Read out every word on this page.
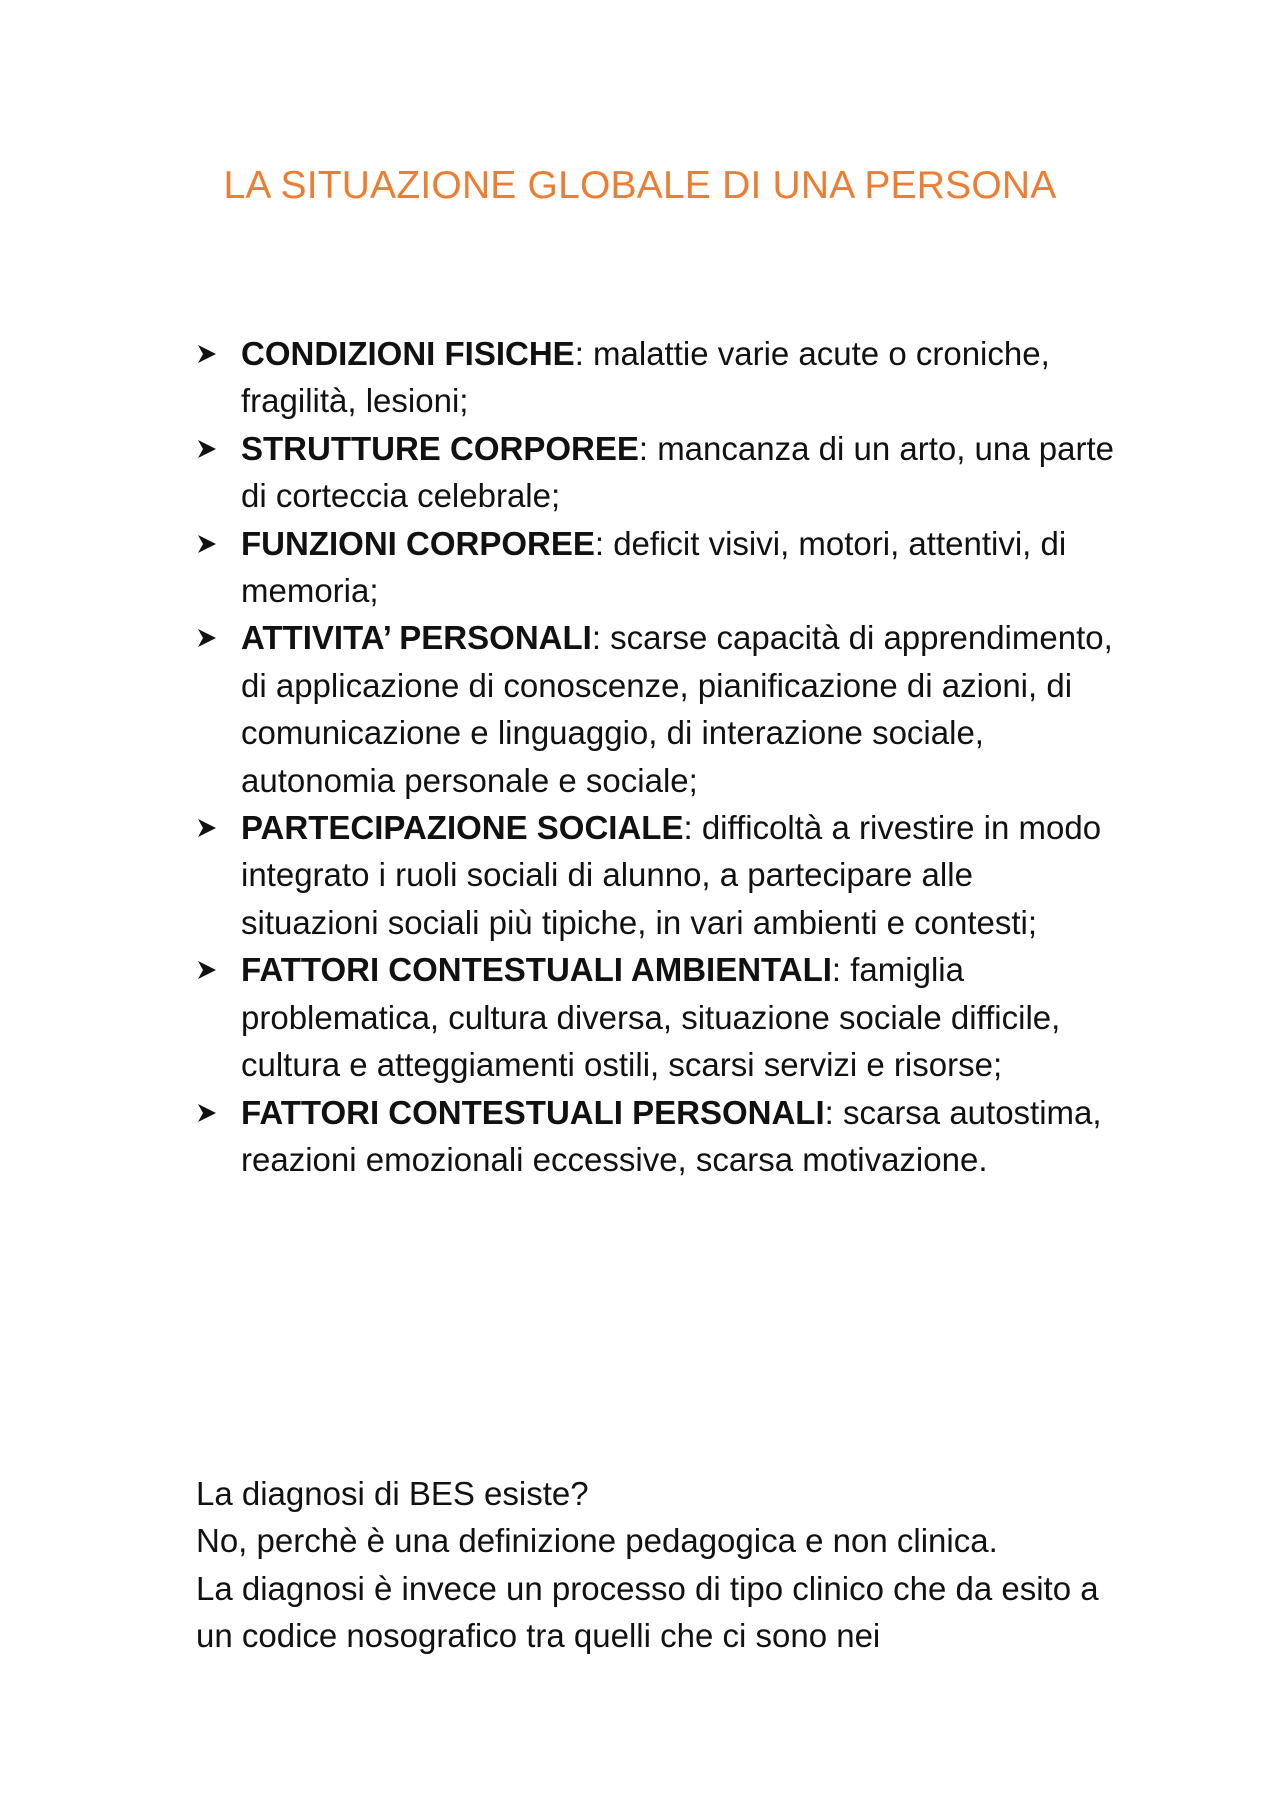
LA SITUAZIONE GLOBALE DI UNA PERSONA
CONDIZIONI FISICHE: malattie varie acute o croniche, fragilità, lesioni;
STRUTTURE CORPOREE: mancanza di un arto, una parte di corteccia celebrale;
FUNZIONI CORPOREE: deficit visivi, motori, attentivi, di memoria;
ATTIVITA’ PERSONALI: scarse capacità di apprendimento, di applicazione di conoscenze, pianificazione di azioni, di comunicazione e linguaggio, di interazione sociale, autonomia personale e sociale;
PARTECIPAZIONE SOCIALE: difficoltà a rivestire in modo integrato i ruoli sociali di alunno, a partecipare alle situazioni sociali più tipiche, in vari ambienti e contesti;
FATTORI CONTESTUALI AMBIENTALI: famiglia problematica, cultura diversa, situazione sociale difficile, cultura e atteggiamenti ostili, scarsi servizi e risorse;
FATTORI CONTESTUALI PERSONALI: scarsa autostima, reazioni emozionali eccessive, scarsa motivazione.

La diagnosi di BES esiste?

No, perchè è una definizione pedagogica e non clinica.

La diagnosi è invece un processo di tipo clinico che da esito a un codice nosografico tra quelli che ci sono nei
